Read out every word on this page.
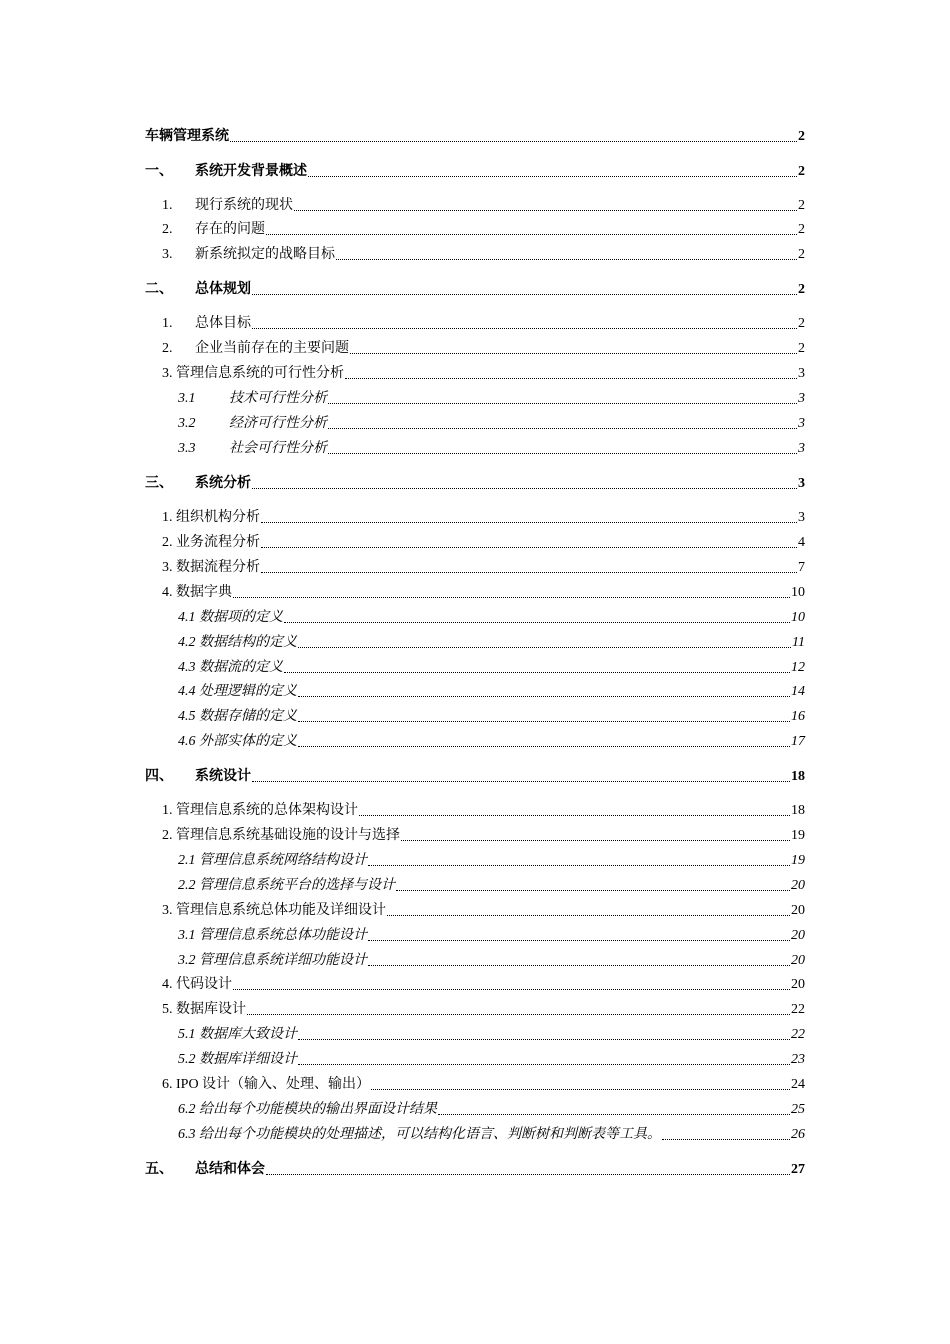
车辆管理系统	2
一、 系统开发背景概述	2
1. 现行系统的现状	2
2. 存在的问题	2
3. 新系统拟定的战略目标	2
二、 总体规划	2
1. 总体目标	2
2. 企业当前存在的主要问题	2
3. 管理信息系统的可行性分析	3
3.1 技术可行性分析	3
3.2 经济可行性分析	3
3.3 社会可行性分析	3
三、 系统分析	3
1. 组织机构分析	3
2. 业务流程分析	4
3. 数据流程分析	7
4. 数据字典	10
4.1 数据项的定义	10
4.2 数据结构的定义	11
4.3 数据流的定义	12
4.4 处理逻辑的定义	14
4.5 数据存储的定义	16
4.6 外部实体的定义	17
四、 系统设计	18
1. 管理信息系统的总体架构设计	18
2. 管理信息系统基础设施的设计与选择	19
2.1 管理信息系统网络结构设计	19
2.2 管理信息系统平台的选择与设计	20
3. 管理信息系统总体功能及详细设计	20
3.1 管理信息系统总体功能设计	20
3.2 管理信息系统详细功能设计	20
4. 代码设计	20
5. 数据库设计	22
5.1 数据库大致设计	22
5.2 数据库详细设计	23
6. IPO 设计（输入、处理、输出）	24
6.2 给出每个功能模块的输出界面设计结果	25
6.3 给出每个功能模块的处理描述，可以结构化语言、判断树和判断表等工具。	26
五、 总结和体会	27
